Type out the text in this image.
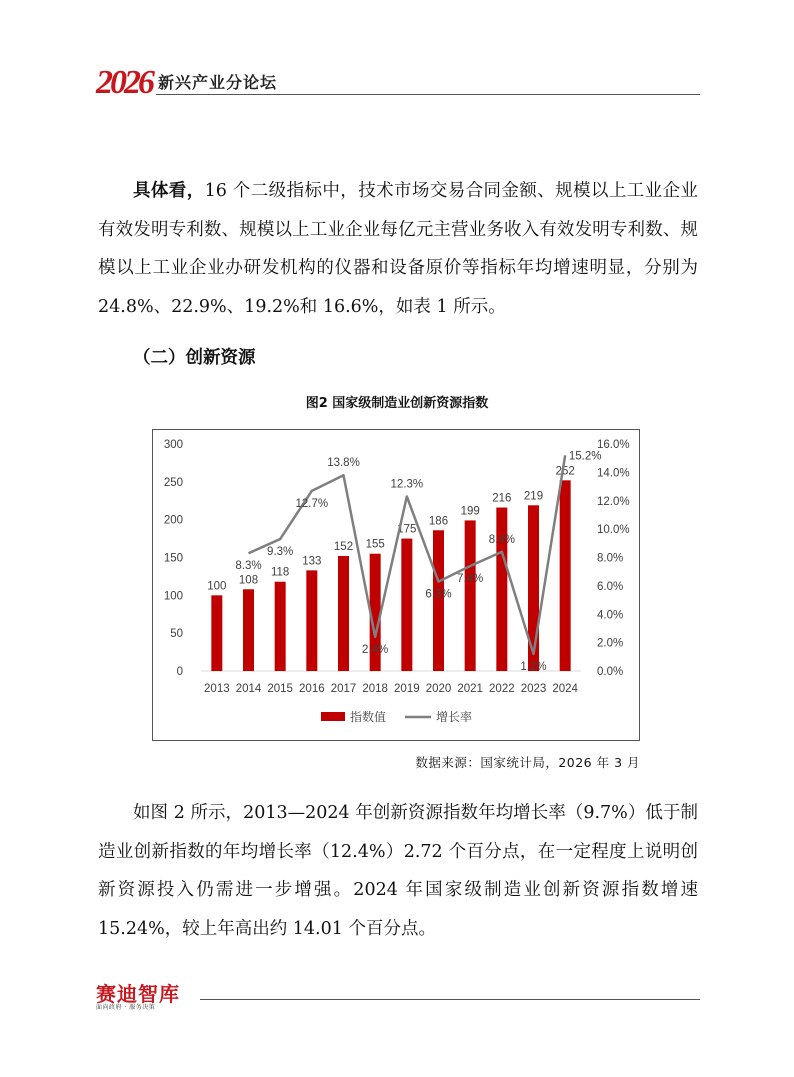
2026 新兴产业分论坛
具体看，16 个二级指标中，技术市场交易合同金额、规模以上工业企业有效发明专利数、规模以上工业企业每亿元主营业务收入有效发明专利数、规模以上工业企业办研发机构的仪器和设备原价等指标年均增速明显，分别为 24.8%、22.9%、19.2%和 16.6%，如表 1 所示。
（二）创新资源
图2 国家级制造业创新资源指数
0
50
100
150
200
250
300
0.0%
2.0%
4.0%
6.0%
8.0%
10.0%
12.0%
14.0%
16.0%
100
108
118
133
152 155
175
186
199
216 219
252
2013 2014 2015 2016 2017 2018 2019 2020 2021 2022 2023 2024
8.3%
9.3%
12.7%
13.8%
2.4%
12.3%
6.3%
7.4%
8.4%
1.2%
15.2%
指数值	增长率
数据来源：国家统计局，2026 年 3 月
如图 2 所示，2013—2024 年创新资源指数年均增长率（9.7%）低于制造业创新指数的年均增长率（12.4%）2.72 个百分点，在一定程度上说明创新资源投入仍需进一步增强。2024 年国家级制造业创新资源指数增速 15.24%，较上年高出约 14.01 个百分点。
赛迪智库
面向政府 · 服务决策
